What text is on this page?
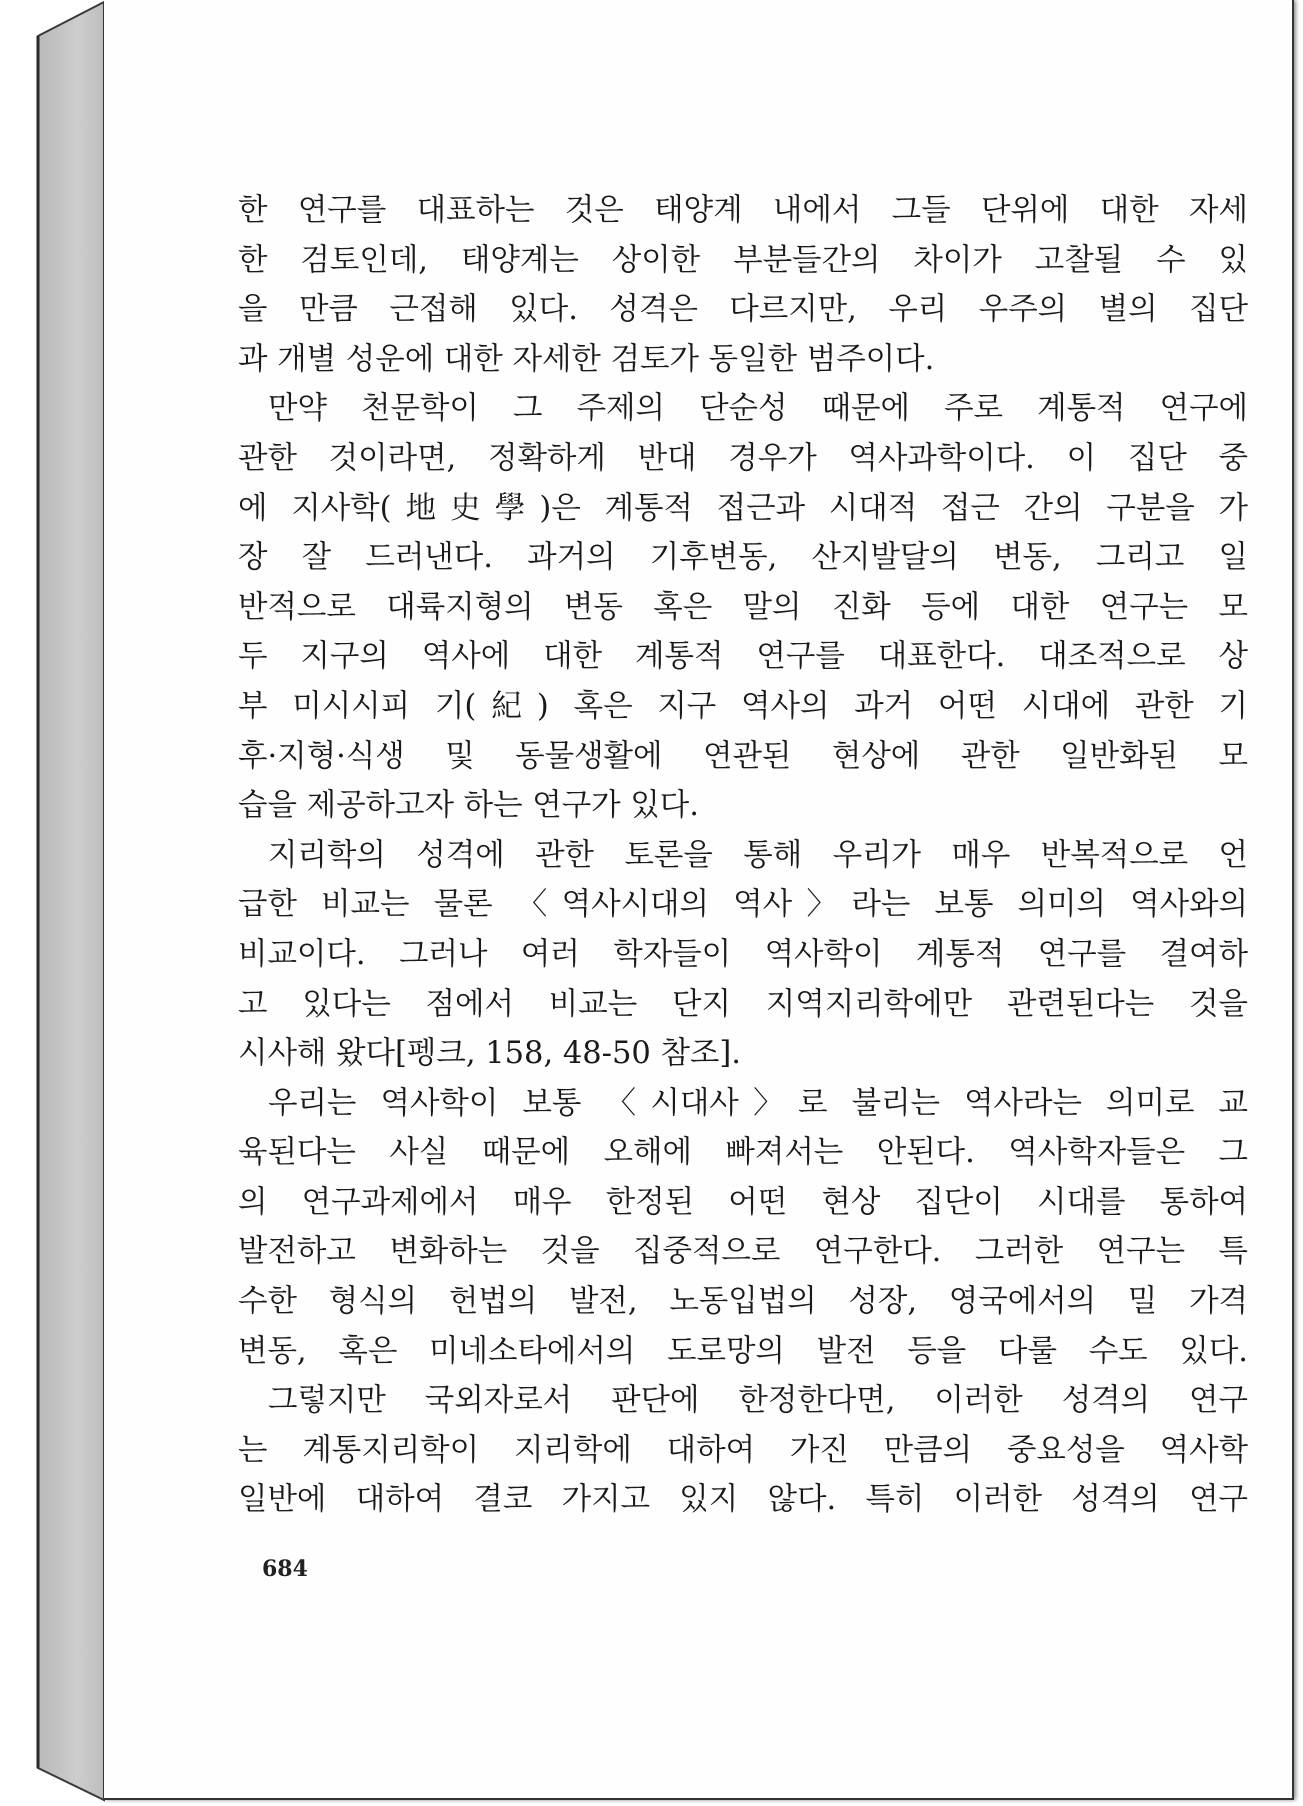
한 연구를 대표하는 것은 태양계 내에서 그들 단위에 대한 자세
한 검토인데, 태양계는 상이한 부분들간의 차이가 고찰될 수 있
을 만큼 근접해 있다. 성격은 다르지만, 우리 우주의 별의 집단
과 개별 성운에 대한 자세한 검토가 동일한 범주이다.
만약 천문학이 그 주제의 단순성 때문에 주로 계통적 연구에
관한 것이라면, 정확하게 반대 경우가 역사과학이다. 이 집단 중
에 지사학(地史學)은 계통적 접근과 시대적 접근 간의 구분을 가
장 잘 드러낸다. 과거의 기후변동, 산지발달의 변동, 그리고 일
반적으로 대륙지형의 변동 혹은 말의 진화 등에 대한 연구는 모
두 지구의 역사에 대한 계통적 연구를 대표한다. 대조적으로 상
부 미시시피 기(紀) 혹은 지구 역사의 과거 어떤 시대에 관한 기
후·지형·식생 및 동물생활에 연관된 현상에 관한 일반화된 모
습을 제공하고자 하는 연구가 있다.
지리학의 성격에 관한 토론을 통해 우리가 매우 반복적으로 언
급한 비교는 물론 〈역사시대의 역사〉라는 보통 의미의 역사와의
비교이다. 그러나 여러 학자들이 역사학이 계통적 연구를 결여하
고 있다는 점에서 비교는 단지 지역지리학에만 관련된다는 것을
시사해 왔다[펭크, 158, 48-50 참조].
우리는 역사학이 보통 〈시대사〉로 불리는 역사라는 의미로 교
육된다는 사실 때문에 오해에 빠져서는 안된다. 역사학자들은 그
의 연구과제에서 매우 한정된 어떤 현상 집단이 시대를 통하여
발전하고 변화하는 것을 집중적으로 연구한다. 그러한 연구는 특
수한 형식의 헌법의 발전, 노동입법의 성장, 영국에서의 밀 가격
변동, 혹은 미네소타에서의 도로망의 발전 등을 다룰 수도 있다.
그렇지만 국외자로서 판단에 한정한다면, 이러한 성격의 연구
는 계통지리학이 지리학에 대하여 가진 만큼의 중요성을 역사학
일반에 대하여 결코 가지고 있지 않다. 특히 이러한 성격의 연구
684
